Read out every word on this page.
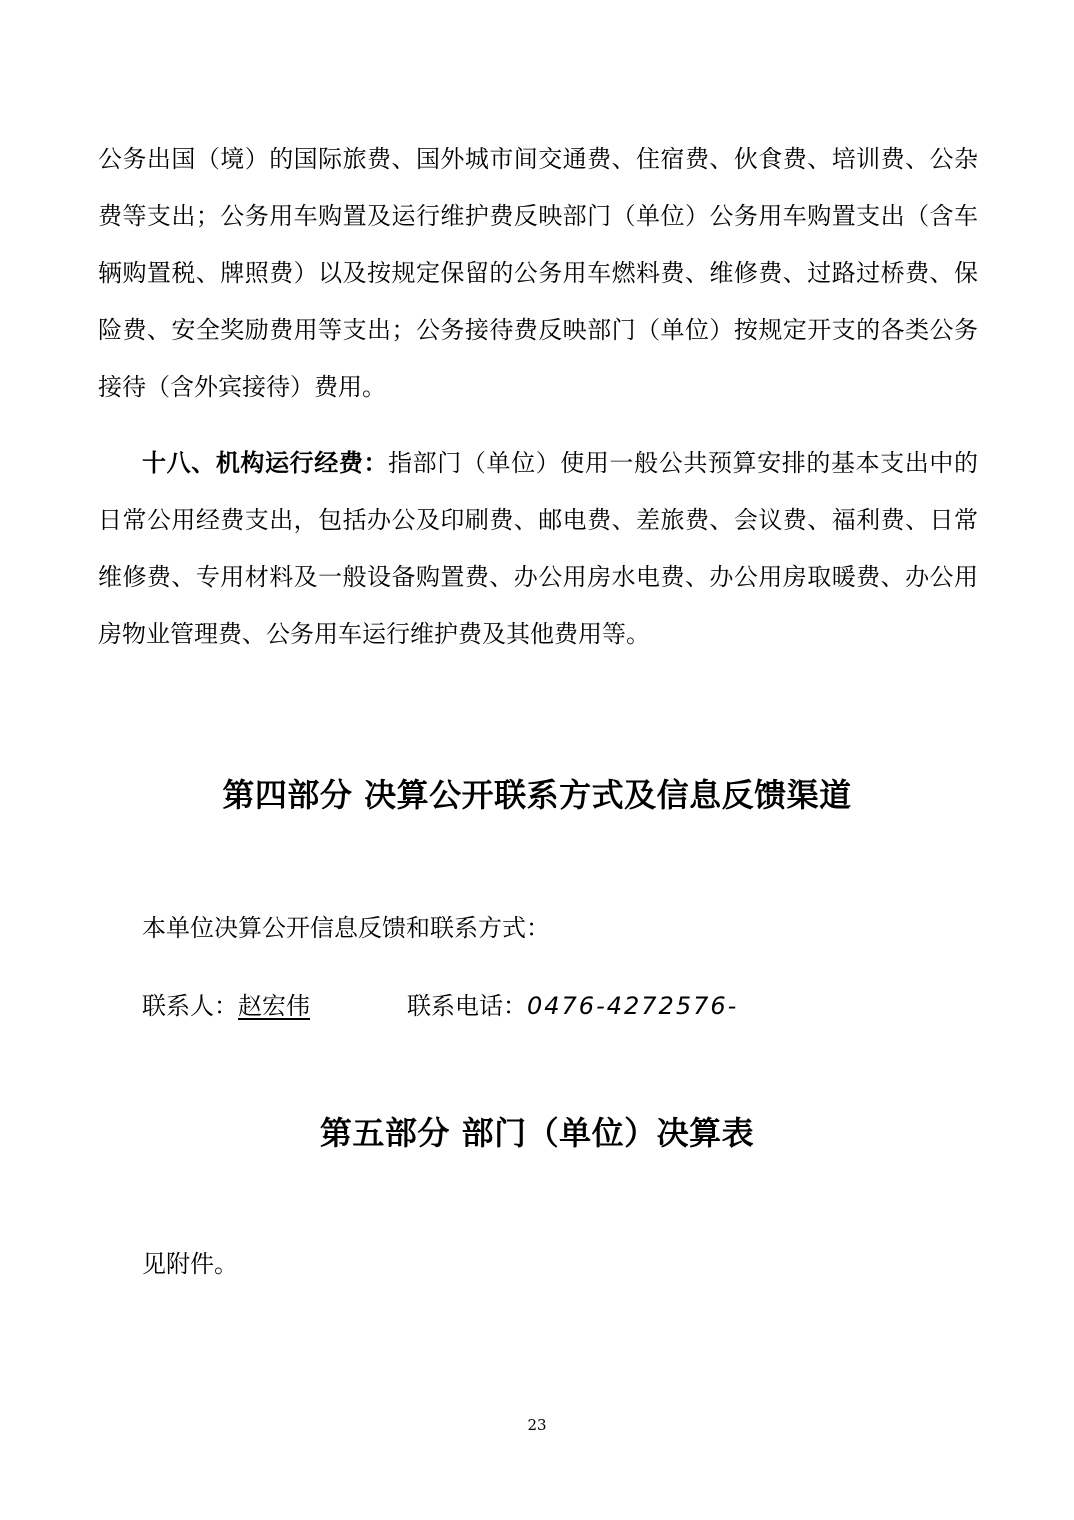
公务出国（境）的国际旅费、国外城市间交通费、住宿费、伙食费、培训费、公杂费等支出；公务用车购置及运行维护费反映部门（单位）公务用车购置支出（含车辆购置税、牌照费）以及按规定保留的公务用车燃料费、维修费、过路过桥费、保险费、安全奖励费用等支出；公务接待费反映部门（单位）按规定开支的各类公务接待（含外宾接待）费用。

十八、机构运行经费：指部门（单位）使用一般公共预算安排的基本支出中的日常公用经费支出，包括办公及印刷费、邮电费、差旅费、会议费、福利费、日常维修费、专用材料及一般设备购置费、办公用房水电费、办公用房取暖费、办公用房物业管理费、公务用车运行维护费及其他费用等。

第四部分 决算公开联系方式及信息反馈渠道

本单位决算公开信息反馈和联系方式：

联系人：赵宏伟	联系电话：0476-4272576-

第五部分 部门（单位）决算表

见附件。

23
